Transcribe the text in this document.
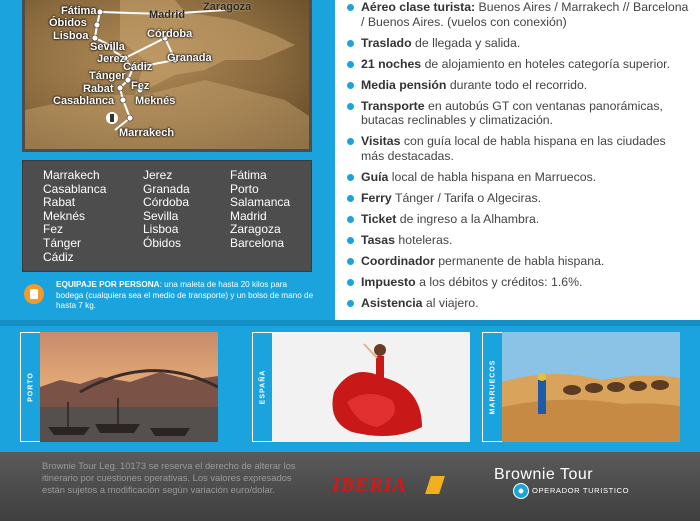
Fátima
Óbidos
Lisboa
Madrid
Zaragoza
Sevilla
Córdoba
Jerez	Granada
Cádiz
Tánger
Fez
Rabat
Meknés
Casablanca
Marrakech
Marrakech
Casablanca
Rabat
Meknés
Fez
Tánger
Cádiz
Jerez
Granada
Córdoba
Sevilla
Lisboa
Óbidos
Fátima
Porto
Salamanca
Madrid
Zaragoza
Barcelona
EQUIPAJE POR PERSONA: una maleta de hasta 20 kilos para bodega (cualquiera sea el medio de transporte) y un bolso de mano de hasta 7 kg.
Aéreo clase turista: Buenos Aires / Marrakech // Barcelona / Buenos Aires. (vuelos con conexión)
Traslado de llegada y salida.
21 noches de alojamiento en hoteles categoría superior.
Media pensión durante todo el recorrido.
Transporte en autobús GT con ventanas panorámicas, butacas reclinables y climatización.
Visitas con guía local de habla hispana en las ciudades más destacadas.
Guía local de habla hispana en Marruecos.
Ferry Tánger / Tarifa o Algeciras.
Ticket de ingreso a la Alhambra.
Tasas hoteleras.
Coordinador permanente de habla hispana.
Impuesto a los débitos y créditos: 1.6%.
Asistencia al viajero.
PORTO	ESPAÑA	MARRUECOS
Brownie Tour Leg. 10173 se reserva el derecho de alterar los itinerario por cuestiones operativas. Los valores expresados están sujetos a modificación según variación euro/dolar.	IBERIA	Brownie Tour
OPERADOR TURISTICO
